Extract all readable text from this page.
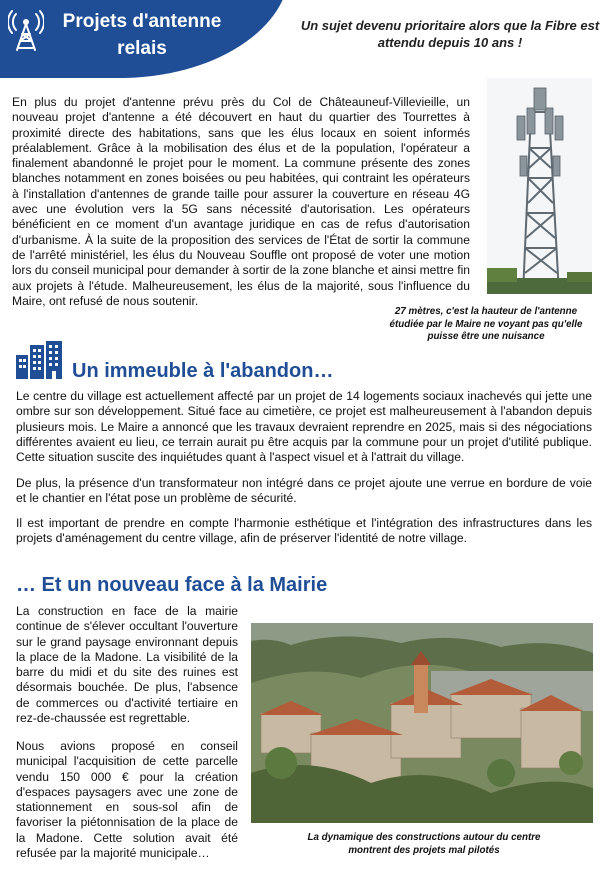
Projets d'antenne relais
Un sujet devenu prioritaire alors que la Fibre est attendu depuis 10 ans !
En plus du projet d'antenne prévu près du Col de Châteauneuf-Villevieille, un nouveau projet d'antenne a été découvert en haut du quartier des Tourrettes à proximité directe des habitations, sans que les élus locaux en soient informés préalablement. Grâce à la mobilisation des élus et de la population, l'opérateur a finalement abandonné le projet pour le moment. La commune présente des zones blanches notamment en zones boisées ou peu habitées, qui contraint les opérateurs à l'installation d'antennes de grande taille pour assurer la couverture en réseau 4G avec une évolution vers la 5G sans nécessité d'autorisation. Les opérateurs bénéficient en ce moment d'un avantage juridique en cas de refus d'autorisation d'urbanisme. À la suite de la proposition des services de l'État de sortir la commune de l'arrêté ministériel, les élus du Nouveau Souffle ont proposé de voter une motion lors du conseil municipal pour demander à sortir de la zone blanche et ainsi mettre fin aux projets à l'étude. Malheureusement, les élus de la majorité, sous l'influence du Maire, ont refusé de nous soutenir.
27 mètres, c'est la hauteur de l'antenne étudiée par le Maire ne voyant pas qu'elle puisse être une nuisance
Un immeuble à l'abandon…
Le centre du village est actuellement affecté par un projet de 14 logements sociaux inachevés qui jette une ombre sur son développement. Situé face au cimetière, ce projet est malheureusement à l'abandon depuis plusieurs mois. Le Maire a annoncé que les travaux devraient reprendre en 2025, mais si des négociations différentes avaient eu lieu, ce terrain aurait pu être acquis par la commune pour un projet d'utilité publique. Cette situation suscite des inquiétudes quant à l'aspect visuel et à l'attrait du village.
De plus, la présence d'un transformateur non intégré dans ce projet ajoute une verrue en bordure de voie et le chantier en l'état pose un problème de sécurité.
Il est important de prendre en compte l'harmonie esthétique et l'intégration des infrastructures dans les projets d'aménagement du centre village, afin de préserver l'identité de notre village.
… Et un nouveau face à la Mairie
La construction en face de la mairie continue de s'élever occultant l'ouverture sur le grand paysage environnant depuis la place de la Madone. La visibilité de la barre du midi et du site des ruines est désormais bouchée. De plus, l'absence de commerces ou d'activité tertiaire en rez-de-chaussée est regrettable.
Nous avions proposé en conseil municipal l'acquisition de cette parcelle vendu 150 000 € pour la création d'espaces paysagers avec une zone de stationnement en sous-sol afin de favoriser la piétonnisation de la place de la Madone. Cette solution avait été refusée par la majorité municipale…
La dynamique des constructions autour du centre montrent des projets mal pilotés
